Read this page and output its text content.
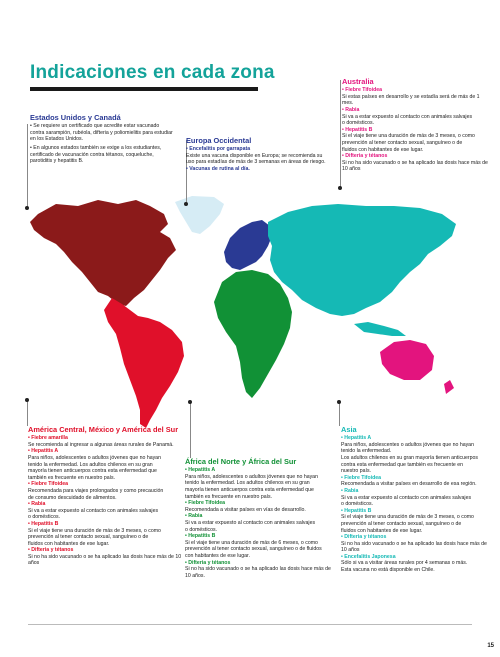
Indicaciones en cada zona
Estados Unidos y Canadá

• Se requiere un certificado que acredite estar vacunado

contra sarampión, rubéola, difteria y poliomielitis para estudiar

en los Estados Unidos.

• En algunos estados también se exige a los estudiantes,

certificado de vacunación contra tétanos, coqueluche,

parotiditis y hepatitis B.

Europa Occidental

• Encefalitis por garrapata

Existe una vacuna disponible en Europa; se recomienda su

uso para estadías de más de 3 semanas en áreas de riesgo.

• Vacunas de rutina al día.

Australia

• Fiebre Tifoidea

Si estas países en desarrollo y se estadía será de más de 1 mes.

• Rabia

Si va a estar expuesto al contacto con animales salvajes

o domésticos.

• Hepatitis B

Si el viaje tiene una duración de más de 3 meses, o como

prevención al tener contacto sexual, sanguíneo o de

fluidos con habitantes de ese lugar.

• Difteria y tétanos

Si no ha sido vacunado o se ha aplicado las dosis hace más de 10 años

América Central, México y América del Sur

• Fiebre amarilla

Se recomienda al ingresar a algunas áreas rurales de Panamá.

• Hepatitis A

Para niños, adolescentes o adultos jóvenes que no hayan

tenido la enfermedad. Los adultos chilenos en su gran

mayoría tienen anticuerpos contra esta enfermedad que

también es frecuente en nuestro país.

• Fiebre Tifoidea

Recomendada para viajes prolongados y como precaución

de consumo descuidado de alimentos.

• Rabia

Si va a estar expuesto al contacto con animales salvajes

o domésticos.

• Hepatitis B

Si el viaje tiene una duración de más de 3 meses, o como

prevención al tener contacto sexual, sanguíneo o de

fluidos con habitantes de ese lugar.

• Difteria y tétanos

Si no ha sido vacunado o se ha aplicado las dosis hace más de 10 años

África del Norte y África del Sur

• Hepatitis A

Para niños, adolescentes o adultos jóvenes que no hayan

tenido la enfermedad. Los adultos chilenos en su gran

mayoría tienen anticuerpos contra esta enfermedad que

también es frecuente en nuestro país.

• Fiebre Tifoidea

Recomendada a visitar países en vías de desarrollo.

• Rabia

Si va a estar expuesto al contacto con animales salvajes

o domésticos.

• Hepatitis B

Si el viaje tiene una duración de más de 6 meses, o como

prevención al tener contacto sexual, sanguíneo o de fluidos

con habitantes de ese lugar.

• Difteria y tétanos

Si no ha sido vacunado o se ha aplicado las dosis hace más de 10 años.

Asia

• Hepatitis A

Para niños, adolescentes o adultos jóvenes que no hayan

tenido la enfermedad.

Los adultos chilenos en su gran mayoría tienen anticuerpos

contra esta enfermedad que también es frecuente en

nuestro país.

• Fiebre Tifoidea

Recomendada a visitar países en desarrollo de esa región.

• Rabia

Si va a estar expuesto al contacto con animales salvajes

o domésticos.

• Hepatitis B

Si el viaje tiene una duración de más de 3 meses, o como

prevención al tener contacto sexual, sanguíneo o de

fluidos con habitantes de ese lugar.

• Difteria y tétanos

Si no ha sido vacunado o se ha aplicado las dosis hace más de 10 años

• Encefalitis Japonesa

Sólo si va a visitar áreas rurales por 4 semanas o más.

Esta vacuna no está disponible en Chile.

15
